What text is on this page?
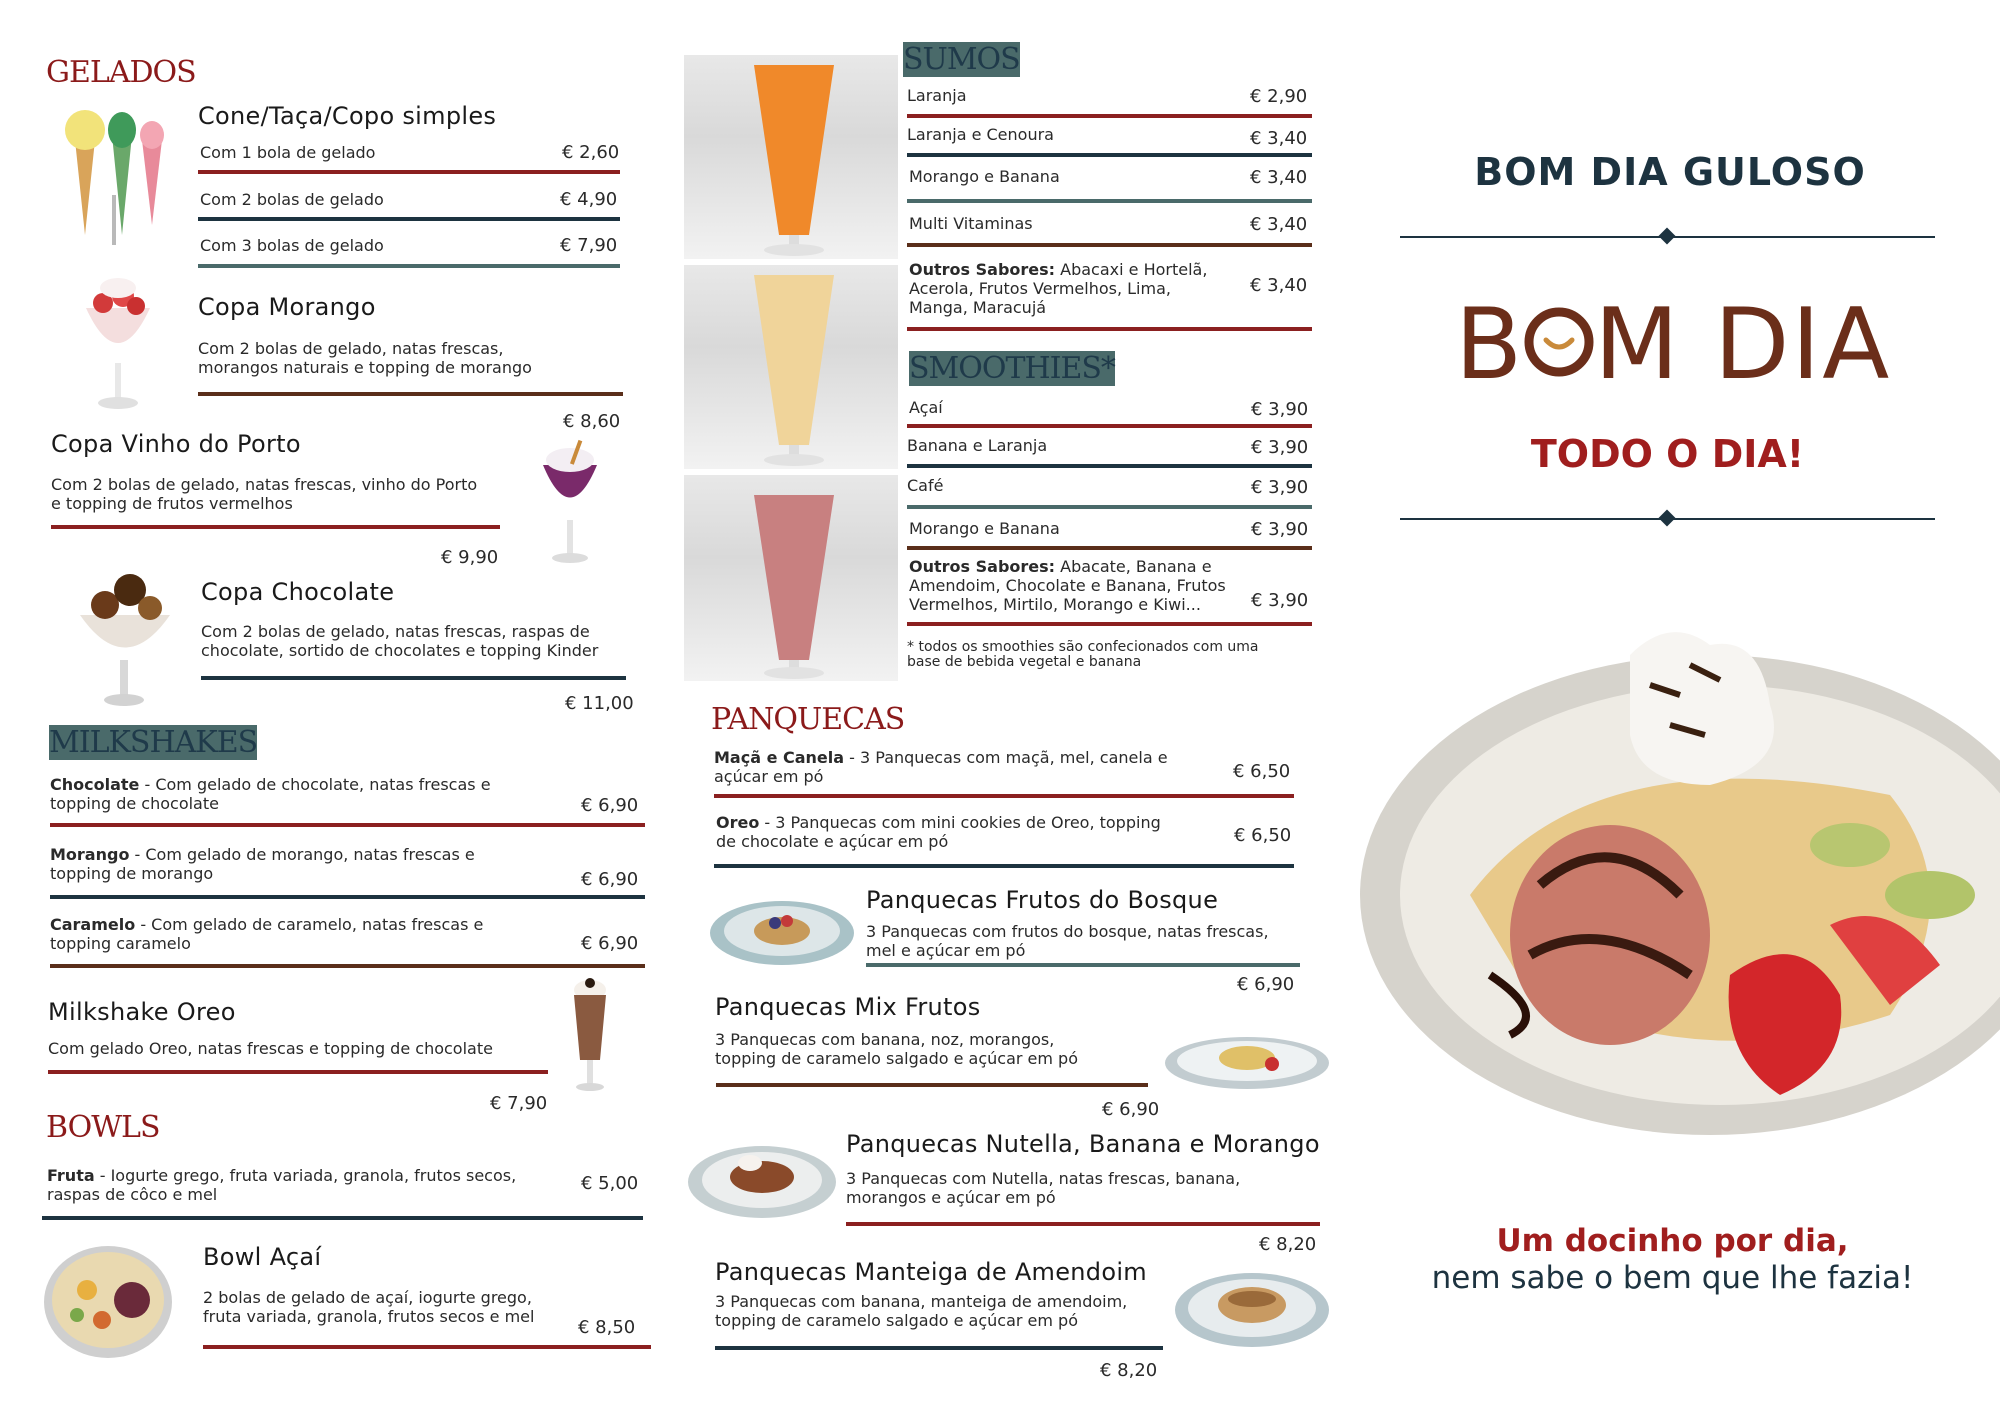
GELADOS
Cone/Taça/Copo simples
Com 1 bola de gelado	€ 2,60
Com 2 bolas de gelado	€ 4,90
Com 3 bolas de gelado	€ 7,90
Copa Morango
Com 2 bolas de gelado, natas frescas,
morangos naturais e topping de morango
€ 8,60
Copa Vinho do Porto
Com 2 bolas de gelado, natas frescas, vinho do Porto
e topping de frutos vermelhos
€ 9,90
Copa Chocolate
Com 2 bolas de gelado, natas frescas, raspas de
chocolate, sortido de chocolates e topping Kinder
€ 11,00
MILKSHAKES
Chocolate - Com gelado de chocolate, natas frescas e
topping de chocolate	€ 6,90
Morango - Com gelado de morango, natas frescas e
topping de morango	€ 6,90
Caramelo - Com gelado de caramelo, natas frescas e
topping caramelo	€ 6,90
Milkshake Oreo
Com gelado Oreo, natas frescas e topping de chocolate
€ 7,90
BOWLS
Fruta - Iogurte grego, fruta variada, granola, frutos secos,
raspas de côco e mel
€ 5,00
Bowl Açaí
2 bolas de gelado de açaí, iogurte grego,
fruta variada, granola, frutos secos e mel
€ 8,50
SUMOS
Laranja	€ 2,90
Laranja e Cenoura	€ 3,40
Morango e Banana	€ 3,40
Multi Vitaminas	€ 3,40
Outros Sabores: Abacaxi e Hortelã,
Acerola, Frutos Vermelhos, Lima,
Manga, Maracujá
€ 3,40
SMOOTHIES*
Açaí	€ 3,90
Banana e Laranja	€ 3,90
Café	€ 3,90
Morango e Banana	€ 3,90
Outros Sabores: Abacate, Banana e
Amendoim, Chocolate e Banana, Frutos
Vermelhos, Mirtilo, Morango e Kiwi...	€ 3,90
* todos os smoothies são confecionados com uma
base de bebida vegetal e banana
PANQUECAS
Maçã e Canela - 3 Panquecas com maçã, mel, canela e
açúcar em pó	€ 6,50
Oreo - 3 Panquecas com mini cookies de Oreo, topping
de chocolate e açúcar em pó	€ 6,50
Panquecas Frutos do Bosque
3 Panquecas com frutos do bosque, natas frescas,
mel e açúcar em pó
€ 6,90
Panquecas Mix Frutos
3 Panquecas com banana, noz, morangos,
topping de caramelo salgado e açúcar em pó
€ 6,90
Panquecas Nutella, Banana e Morango
3 Panquecas com Nutella, natas frescas, banana,
morangos e açúcar em pó
€ 8,20
Panquecas Manteiga de Amendoim
3 Panquecas com banana, manteiga de amendoim,
topping de caramelo salgado e açúcar em pó
€ 8,20
BOM DIA GULOSO
B M DIA
TODO O DIA!
Um docinho por dia,
nem sabe o bem que lhe fazia!
